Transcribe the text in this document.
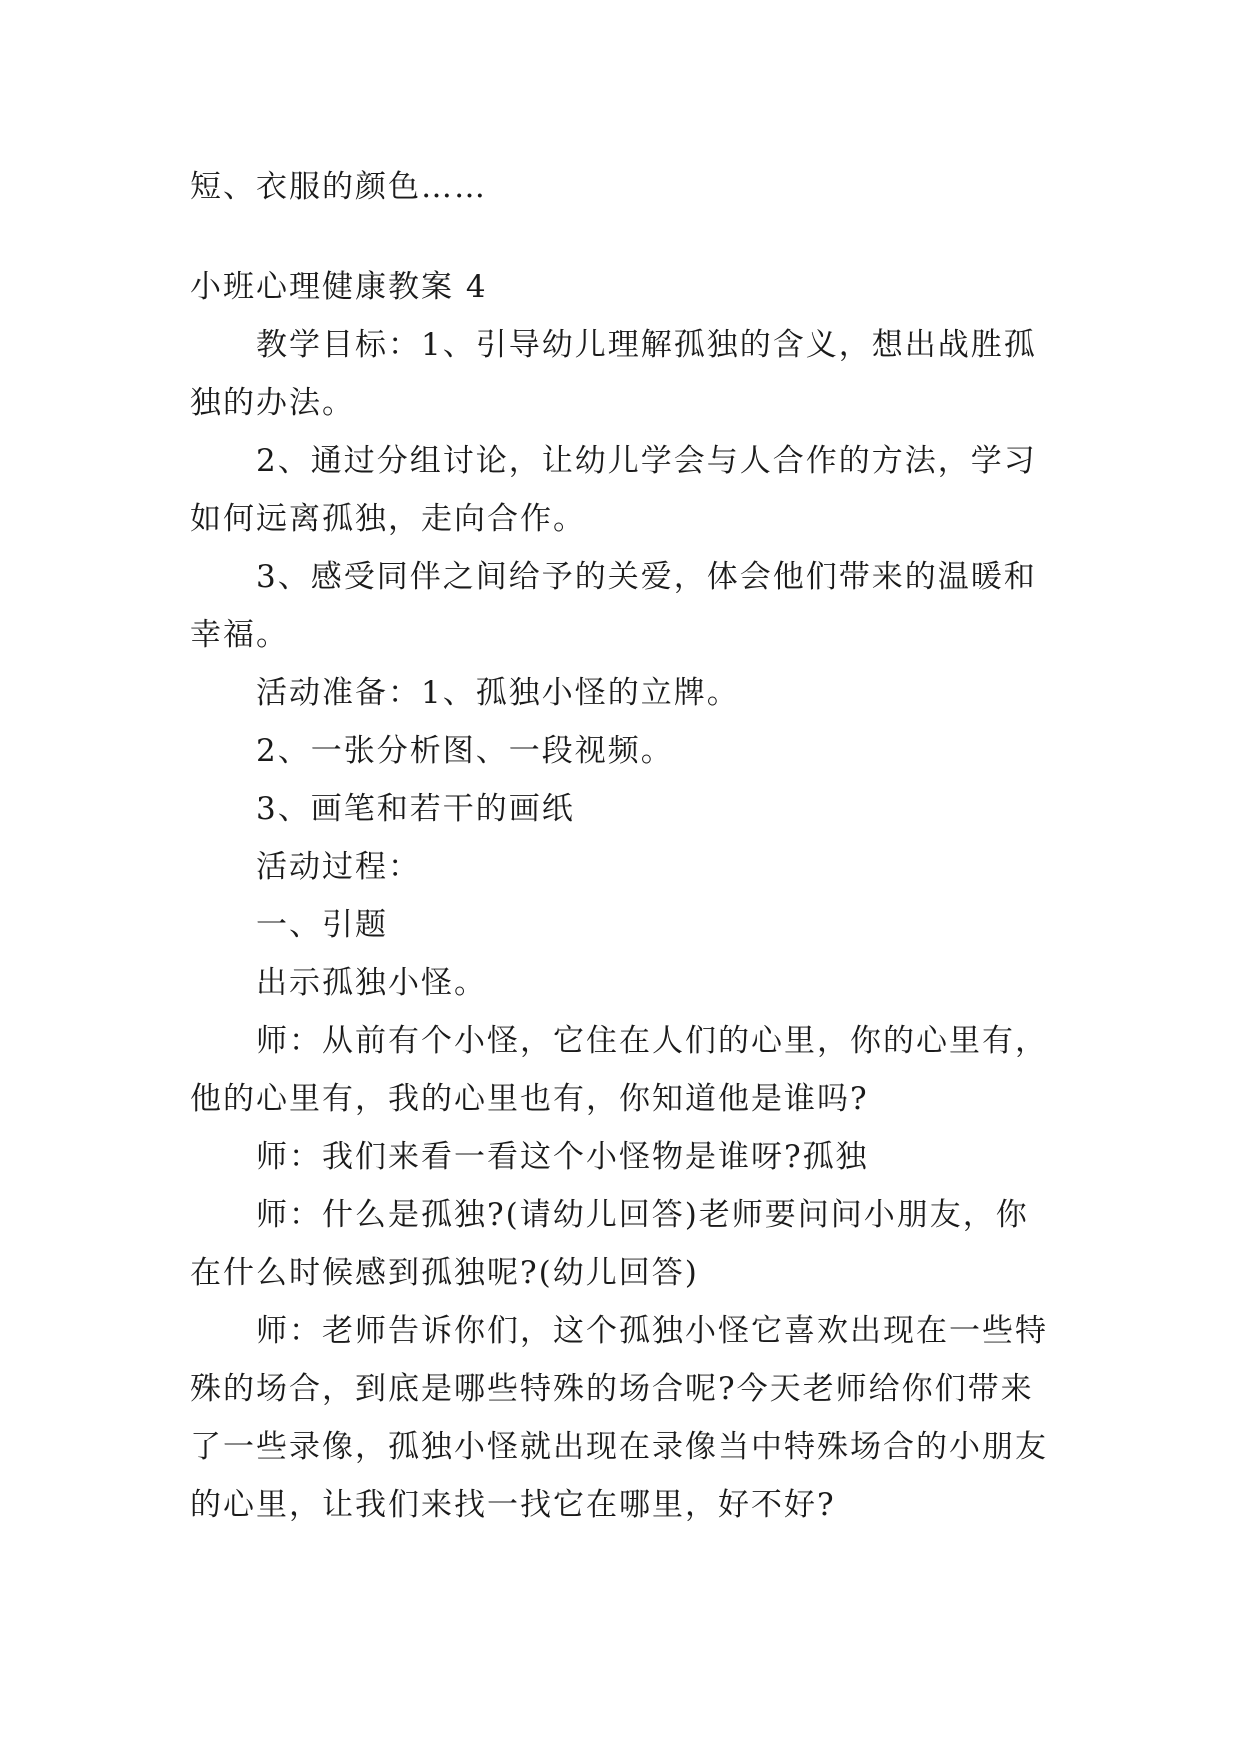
短、衣服的颜色……
小班心理健康教案 4
教学目标：1、引导幼儿理解孤独的含义，想出战胜孤
独的办法。
2、通过分组讨论，让幼儿学会与人合作的方法，学习
如何远离孤独，走向合作。
3、感受同伴之间给予的关爱，体会他们带来的温暖和
幸福。
活动准备：1、孤独小怪的立牌。
2、一张分析图、一段视频。
3、画笔和若干的画纸
活动过程：
一、引题
出示孤独小怪。
师：从前有个小怪，它住在人们的心里，你的心里有，
他的心里有，我的心里也有，你知道他是谁吗?
师：我们来看一看这个小怪物是谁呀?孤独
师：什么是孤独?(请幼儿回答)老师要问问小朋友，你
在什么时候感到孤独呢?(幼儿回答)
师：老师告诉你们，这个孤独小怪它喜欢出现在一些特
殊的场合，到底是哪些特殊的场合呢?今天老师给你们带来
了一些录像，孤独小怪就出现在录像当中特殊场合的小朋友
的心里，让我们来找一找它在哪里，好不好?
